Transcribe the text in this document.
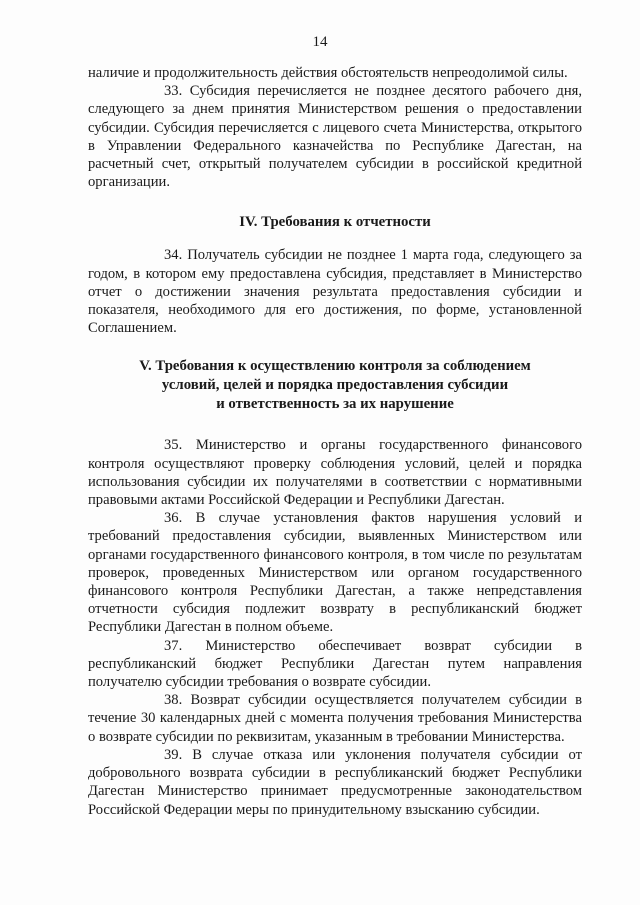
14

наличие и продолжительность действия обстоятельств непреодолимой силы.

33. Субсидия перечисляется не позднее десятого рабочего дня, следующего за днем принятия Министерством решения о предоставлении субсидии. Субсидия перечисляется с лицевого счета Министерства, открытого в Управлении Федерального казначейства по Республике Дагестан, на расчетный счет, открытый получателем субсидии в российской кредитной организации.

IV. Требования к отчетности

34. Получатель субсидии не позднее 1 марта года, следующего за годом, в котором ему предоставлена субсидия, представляет в Министерство отчет о достижении значения результата предоставления субсидии и показателя, необходимого для его достижения, по форме, установленной Соглашением.

V. Требования к осуществлению контроля за соблюдением
условий, целей и порядка предоставления субсидии
и ответственность за их нарушение

35. Министерство и органы государственного финансового контроля осуществляют проверку соблюдения условий, целей и порядка использования субсидии их получателями в соответствии с нормативными правовыми актами Российской Федерации и Республики Дагестан.

36. В случае установления фактов нарушения условий и требований предоставления субсидии, выявленных Министерством или органами государственного финансового контроля, в том числе по результатам проверок, проведенных Министерством или органом государственного финансового контроля Республики Дагестан, а также непредставления отчетности субсидия подлежит возврату в республиканский бюджет Республики Дагестан в полном объеме.

37. Министерство обеспечивает возврат субсидии в республиканский бюджет Республики Дагестан путем направления получателю субсидии требования о возврате субсидии.

38. Возврат субсидии осуществляется получателем субсидии в течение 30 календарных дней с момента получения требования Министерства о возврате субсидии по реквизитам, указанным в требовании Министерства.

39. В случае отказа или уклонения получателя субсидии от добровольного возврата субсидии в республиканский бюджет Республики Дагестан Министерство принимает предусмотренные законодательством Российской Федерации меры по принудительному взысканию субсидии.
